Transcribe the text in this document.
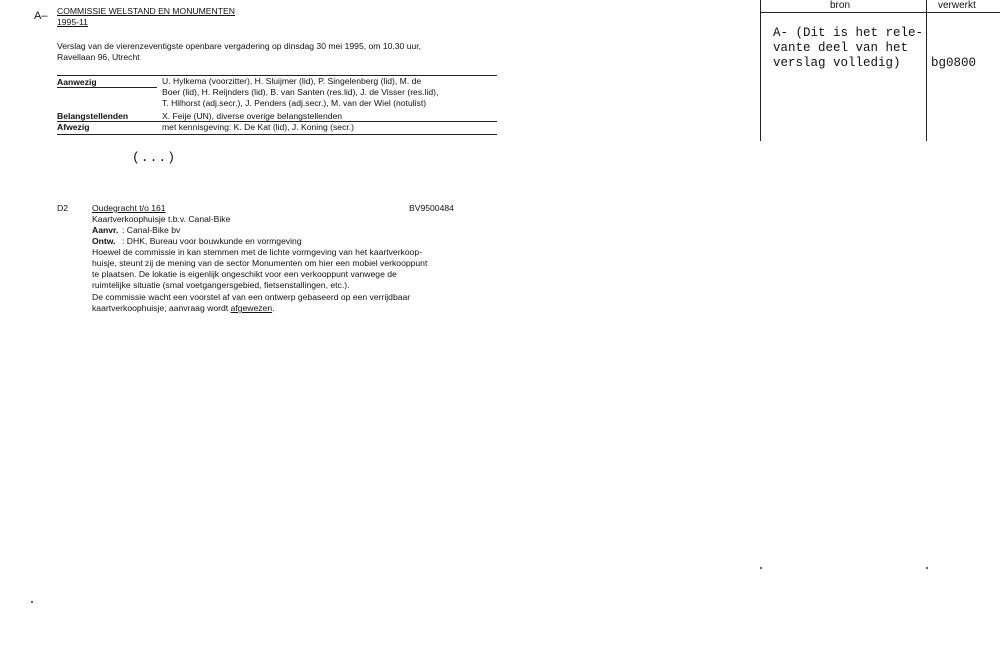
A– COMMISSIE WELSTAND EN MONUMENTEN
1995-11
Verslag van de vierenzeventigste openbare vergadering op dinsdag 30 mei 1995, om 10.30 uur,
Ravellaan 96, Utrecht
Aanwezig	U. Hylkema (voorzitter), H. Sluijmer (lid), P. Singelenberg (lid), M. de
Boer (lid), H. Reijnders (lid), B. van Santen (res.lid), J. de Visser (res.lid),
T. Hilhorst (adj.secr.), J. Penders (adj.secr.), M. van der Wiel (notulist)
Belangstellenden	X. Feije (UN), diverse overige belangstellenden
Afwezig	met kennisgeving: K. De Kat (lid), J. Koning (secr.)
(...)
D2	Oudegracht t/o 161	BV9500484
Kaartverkoophuisje t.b.v. Canal-Bike
Aanvr. : Canal-Bike bv
Ontw. : DHK, Bureau voor bouwkunde en vormgeving
Hoewel de commissie in kan stemmen met de lichte vormgeving van het kaartverkoop-
huisje, steunt zij de mening van de sector Monumenten om hier een mobiel verkooppunt
te plaatsen. De lokatie is eigenlijk ongeschikt voor een verkooppunt vanwege de
ruimtelijke situatie (smal voetgangersgebied, fietsenstallingen, etc.).
De commissie wacht een voorstel af van een ontwerp gebaseerd op een verrijdbaar
kaartverkoophuisje; aanvraag wordt afgewezen.
bron	verwerkt
A- (Dit is het rele-
vante deel van het
verslag volledig) bg0800
